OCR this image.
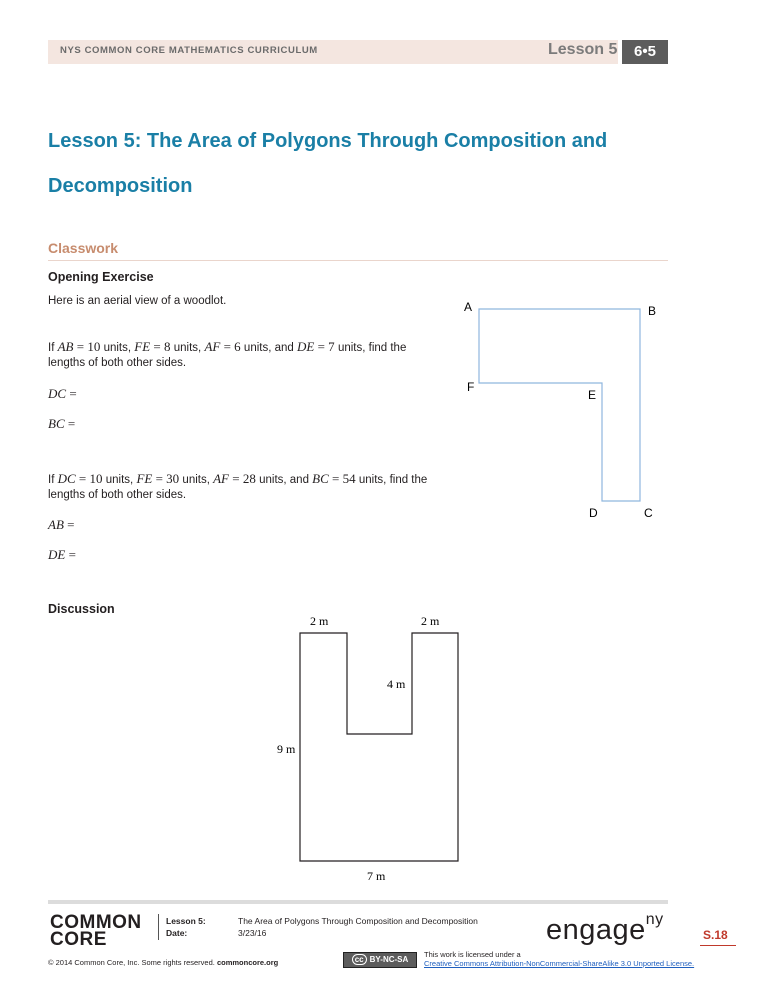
NYS COMMON CORE MATHEMATICS CURRICULUM	Lesson 5	6•5
Lesson 5: The Area of Polygons Through Composition and
Decomposition
Classwork
Opening Exercise
Here is an aerial view of a woodlot.
If AB = 10 units, FE = 8 units, AF = 6 units, and DE = 7 units, find the
lengths of both other sides.
DC =
BC =
If DC = 10 units, FE = 30 units, AF = 28 units, and BC = 54 units, find the
lengths of both other sides.
AB =
DE =
A	B
C
D
E
F
Discussion
2 m	2 m
4 m
9 m
7 m
COMMON
CORE
Lesson 5:
Date:
The Area of Polygons Through Composition and Decomposition
3/23/16	engage$^{ny}$
S.18
© 2014 Common Core, Inc. Some rights reserved. commoncore.org	cc BY-NC-SA
This work is licensed under a
Creative Commons Attribution-NonCommercial-ShareAlike 3.0 Unported License.
